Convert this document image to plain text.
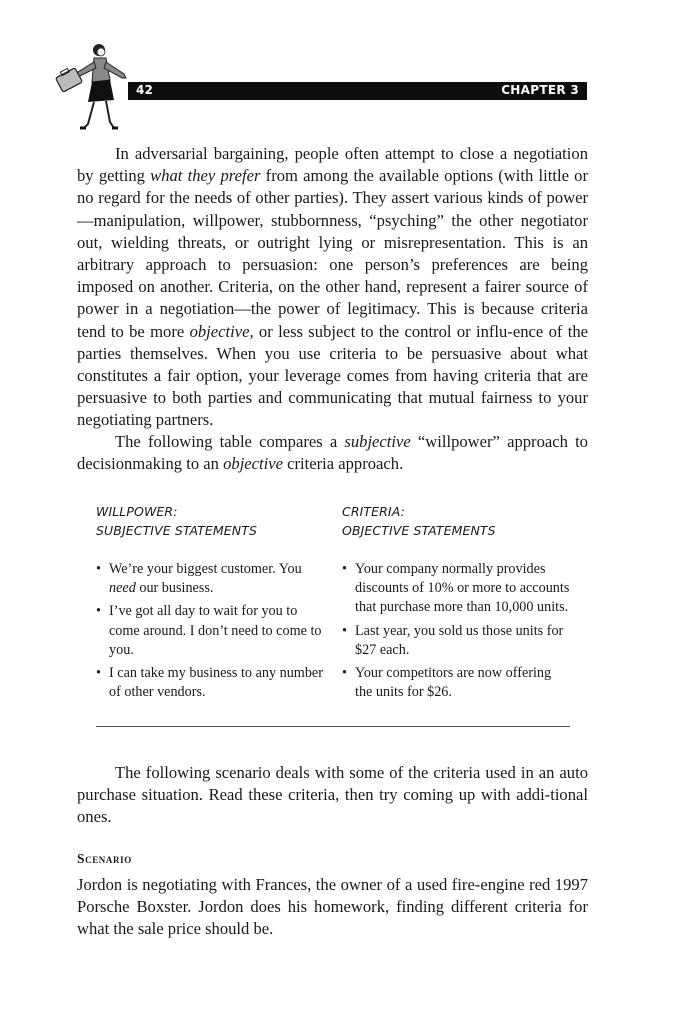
42	CHAPTER 3

In adversarial bargaining, people often attempt to close a negotiation by getting what they prefer from among the available options (with little or no regard for the needs of other parties). They assert various kinds of power—manipulation, willpower, stubbornness, “psyching” the other negotiator out, wielding threats, or outright lying or misrepresentation. This is an arbitrary approach to persuasion: one person’s preferences are being imposed on another. Criteria, on the other hand, represent a fairer source of power in a negotiation—the power of legitimacy. This is because criteria tend to be more objective, or less subject to the control or influ-ence of the parties themselves. When you use criteria to be persuasive about what constitutes a fair option, your leverage comes from having criteria that are persuasive to both parties and communicating that mutual fairness to your negotiating partners.

The following table compares a subjective “willpower” approach to decisionmaking to an objective criteria approach.

WILLPOWER:
SUBJECTIVE STATEMENTS
• We’re your biggest customer. You need our business.
• I’ve got all day to wait for you to come around. I don’t need to come to you.
• I can take my business to any number of other vendors.
CRITERIA:
OBJECTIVE STATEMENTS
• Your company normally provides discounts of 10% or more to accounts that purchase more than 10,000 units.
• Last year, you sold us those units for $27 each.
• Your competitors are now offering the units for $26.

The following scenario deals with some of the criteria used in an auto purchase situation. Read these criteria, then try coming up with addi-tional ones.

Scenario

Jordon is negotiating with Frances, the owner of a used fire-engine red 1997 Porsche Boxster. Jordon does his homework, finding different criteria for what the sale price should be.
